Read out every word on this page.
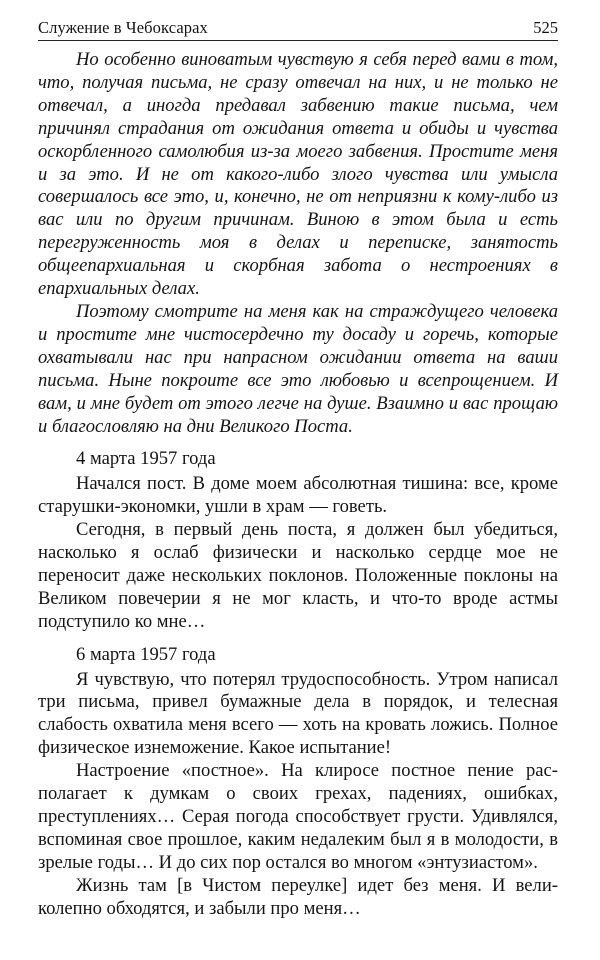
Служение в Чебоксарах	525

Но особенно виноватым чувствую я себя перед вами в том, что, получая письма, не сразу отвечал на них, и не только не отвечал, а иногда предавал забвению такие письма, чем причинял страдания от ожидания ответа и обиды и чувства оскорбленного самолюбия из-за моего забвения. Простите меня и за это. И не от какого-либо злого чувства или умысла совершалось все это, и, конечно, не от неприязни к кому-либо из вас или по другим причинам. Виною в этом была и есть перегруженность моя в делах и переписке, занятость общеепархиальная и скорбная забота о нестроениях в епархиальных делах.

Поэтому смотрите на меня как на страждущего человека и простите мне чистосердечно ту досаду и горечь, которые охватывали нас при напрасном ожидании ответа на ваши письма. Ныне покроите все это любовью и всепрощением. И вам, и мне будет от этого легче на душе. Взаимно и вас прощаю и благословляю на дни Великого Поста.

4 марта 1957 года

Начался пост. В доме моем абсолютная тишина: все, кроме старушки-экономки, ушли в храм — говеть.

Сегодня, в первый день поста, я должен был убедиться, насколько я ослаб физически и насколько сердце мое не переносит даже нескольких поклонов. Положенные поклоны на Великом повечерии я не мог класть, и что-то вроде астмы подступило ко мне…

6 марта 1957 года

Я чувствую, что потерял трудоспособность. Утром написал три письма, привел бумажные дела в порядок, и телесная слабость охватила меня всего — хоть на кровать ложись. Полное физическое изнеможение. Какое испытание!

Настроение «постное». На клиросе постное пение располагает к думкам о своих грехах, падениях, ошибках, преступлениях… Серая погода способствует грусти. Удивлялся, вспоминая свое прошлое, каким недалеким был я в молодости, в зрелые годы… И до сих пор остался во многом «энтузиастом».

Жизнь там [в Чистом переулке] идет без меня. И великолепно обходятся, и забыли про меня…
